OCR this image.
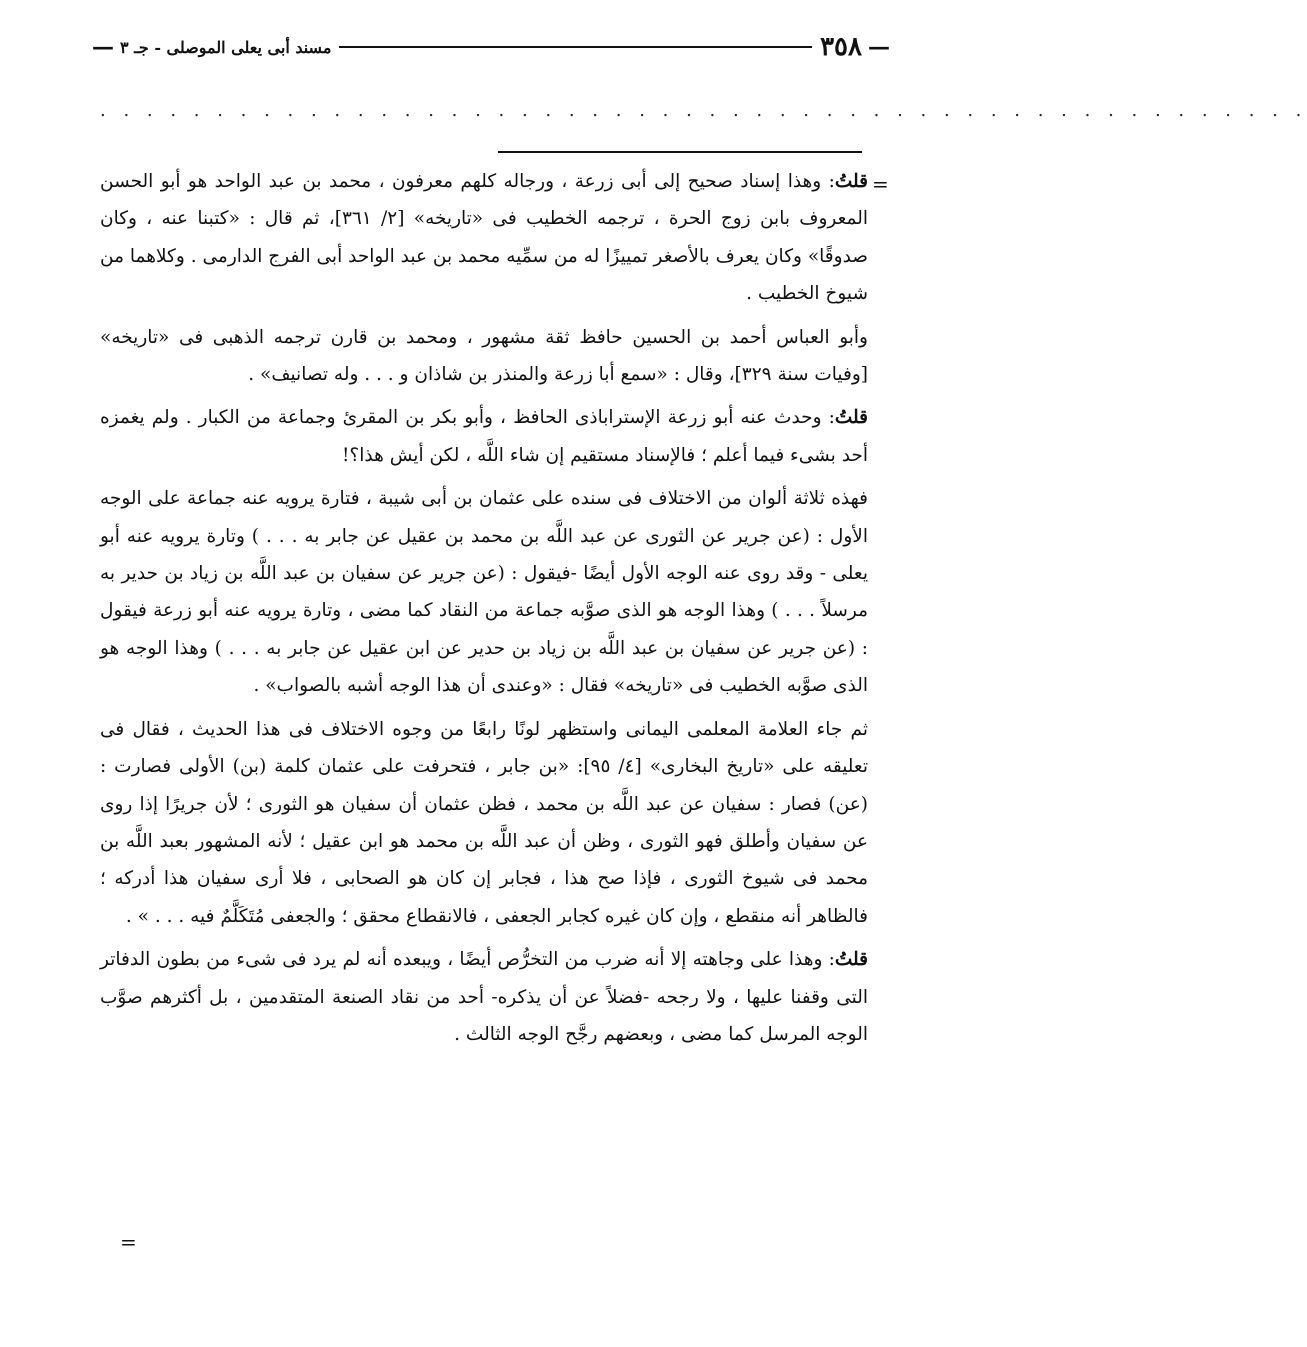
—
٣٥٨
مسند أبى يعلى الموصلى - جـ ٣
—
. . . . . . . . . . . . . . . . . . . . . . . . . . . . . . . . . . . . . . . . . . . . . . . . . . . .
=

قلتُ: وهذا إسناد صحيح إلى أبى زرعة ، ورجاله كلهم معرفون ، محمد بن عبد الواحد هو أبو الحسن المعروف بابن زوج الحرة ، ترجمه الخطيب فى «تاريخه» [٢/ ٣٦١]، ثم قال : «كتبنا عنه ، وكان صدوقًا» وكان يعرف بالأصغر تمييزًا له من سمِّيه محمد بن عبد الواحد أبى الفرج الدارمى . وكلاهما من شيوخ الخطيب .

وأبو العباس أحمد بن الحسين حافظ ثقة مشهور ، ومحمد بن قارن ترجمه الذهبى فى «تاريخه» [وفيات سنة ٣٢٩]، وقال : «سمع أبا زرعة والمنذر بن شاذان و . . . وله تصانيف» .

قلتُ: وحدث عنه أبو زرعة الإستراباذى الحافظ ، وأبو بكر بن المقرئ وجماعة من الكبار . ولم يغمزه أحد بشىء فيما أعلم ؛ فالإسناد مستقيم إن شاء اللَّه ، لكن أيش هذا؟!

فهذه ثلاثة ألوان من الاختلاف فى سنده على عثمان بن أبى شيبة ، فتارة يرويه عنه جماعة على الوجه الأول : (عن جرير عن الثورى عن عبد اللَّه بن محمد بن عقيل عن جابر به . . . ) وتارة يرويه عنه أبو يعلى - وقد روى عنه الوجه الأول أيضًا -فيقول : (عن جرير عن سفيان بن عبد اللَّه بن زياد بن حدير به مرسلاً . . . ) وهذا الوجه هو الذى صوَّبه جماعة من النقاد كما مضى ، وتارة يرويه عنه أبو زرعة فيقول : (عن جرير عن سفيان بن عبد اللَّه بن زياد بن حدير عن ابن عقيل عن جابر به . . . ) وهذا الوجه هو الذى صوَّبه الخطيب فى «تاريخه» فقال : «وعندى أن هذا الوجه أشبه بالصواب» .

ثم جاء العلامة المعلمى اليمانى واستظهر لونًا رابعًا من وجوه الاختلاف فى هذا الحديث ، فقال فى تعليقه على «تاريخ البخارى» [٤/ ٩٥]: «بن جابر ، فتحرفت على عثمان كلمة (بن) الأولى فصارت : (عن) فصار : سفيان عن عبد اللَّه بن محمد ، فظن عثمان أن سفيان هو الثورى ؛ لأن جريرًا إذا روى عن سفيان وأطلق فهو الثورى ، وظن أن عبد اللَّه بن محمد هو ابن عقيل ؛ لأنه المشهور بعبد اللَّه بن محمد فى شيوخ الثورى ، فإذا صح هذا ، فجابر إن كان هو الصحابى ، فلا أرى سفيان هذا أدركه ؛ فالظاهر أنه منقطع ، وإن كان غيره كجابر الجعفى ، فالانقطاع محقق ؛ والجعفى مُتَكَلَّمٌ فيه . . . » .

قلتُ: وهذا على وجاهته إلا أنه ضرب من التخرُّص أيضًا ، ويبعده أنه لم يرد فى شىء من بطون الدفاتر التى وقفنا عليها ، ولا رجحه -فضلاً عن أن يذكره- أحد من نقاد الصنعة المتقدمين ، بل أكثرهم صوَّب الوجه المرسل كما مضى ، وبعضهم رجَّح الوجه الثالث .

=
